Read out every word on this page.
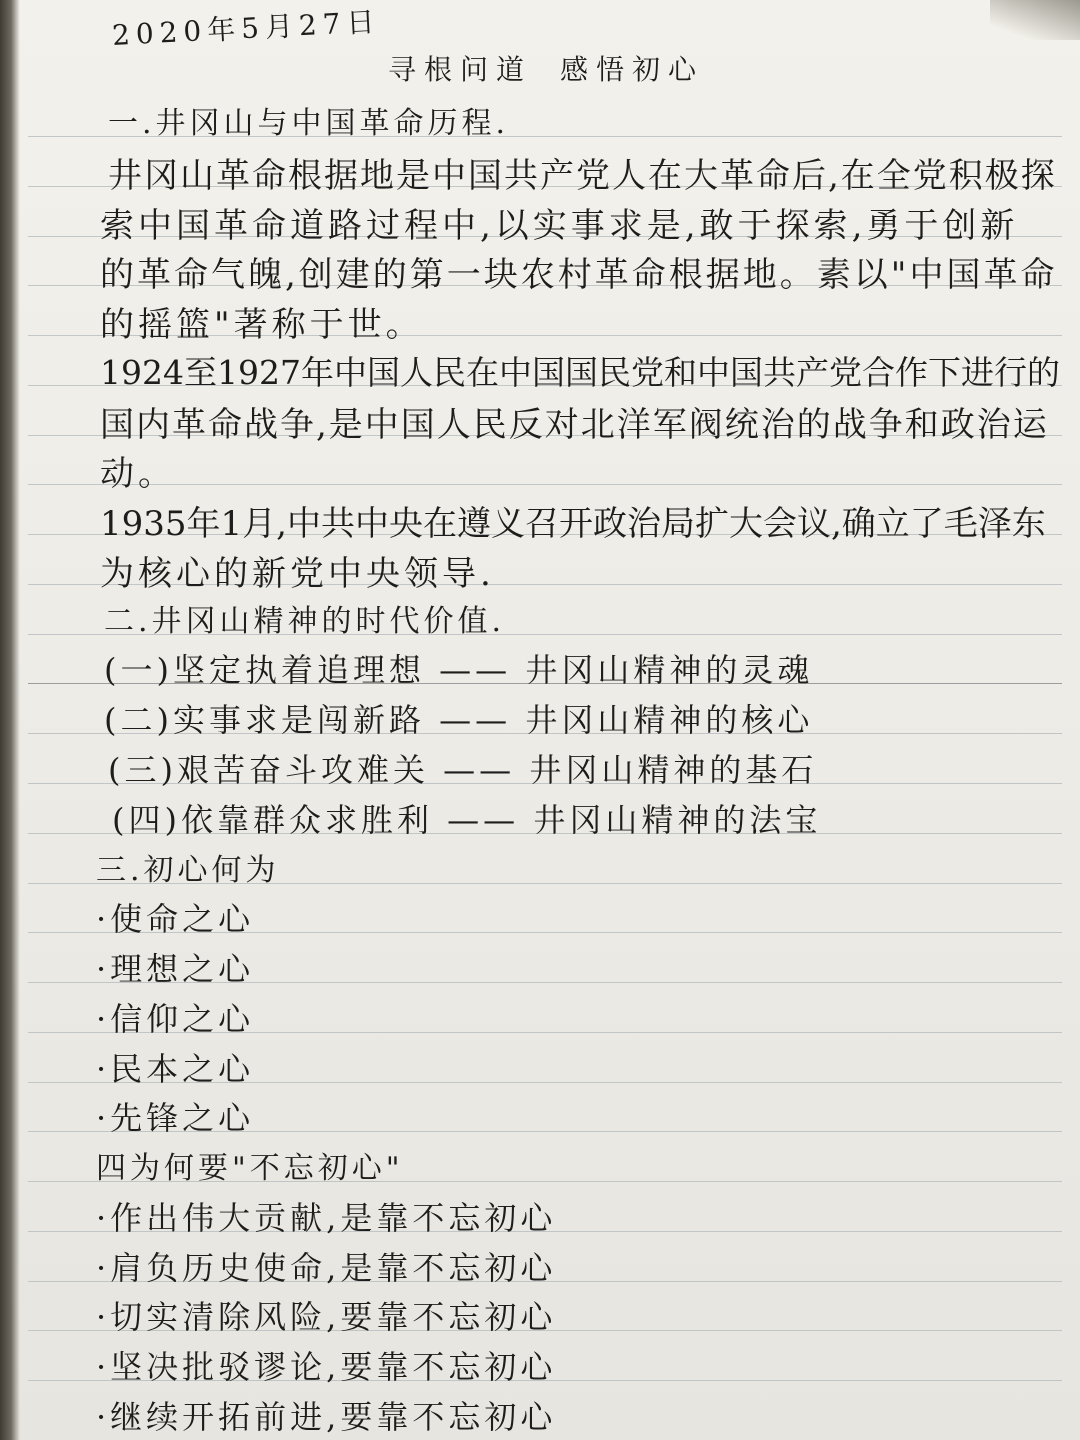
2020年5月27日
寻根问道 感悟初心
一.井冈山与中国革命历程.
井冈山革命根据地是中国共产党人在大革命后,在全党积极探
索中国革命道路过程中,以实事求是,敢于探索,勇于创新
的革命气魄,创建的第一块农村革命根据地。素以"中国革命
的摇篮"著称于世。
1924至1927年中国人民在中国国民党和中国共产党合作下进行的
国内革命战争,是中国人民反对北洋军阀统治的战争和政治运
动。
1935年1月,中共中央在遵义召开政治局扩大会议,确立了毛泽东
为核心的新党中央领导.
二.井冈山精神的时代价值.
(一)坚定执着追理想 —— 井冈山精神的灵魂
(二)实事求是闯新路 —— 井冈山精神的核心
(三)艰苦奋斗攻难关 —— 井冈山精神的基石
(四)依靠群众求胜利 —— 井冈山精神的法宝
三.初心何为
·使命之心
·理想之心
·信仰之心
·民本之心
·先锋之心
四为何要"不忘初心"
·作出伟大贡献,是靠不忘初心
·肩负历史使命,是靠不忘初心
·切实清除风险,要靠不忘初心
·坚决批驳谬论,要靠不忘初心
·继续开拓前进,要靠不忘初心
